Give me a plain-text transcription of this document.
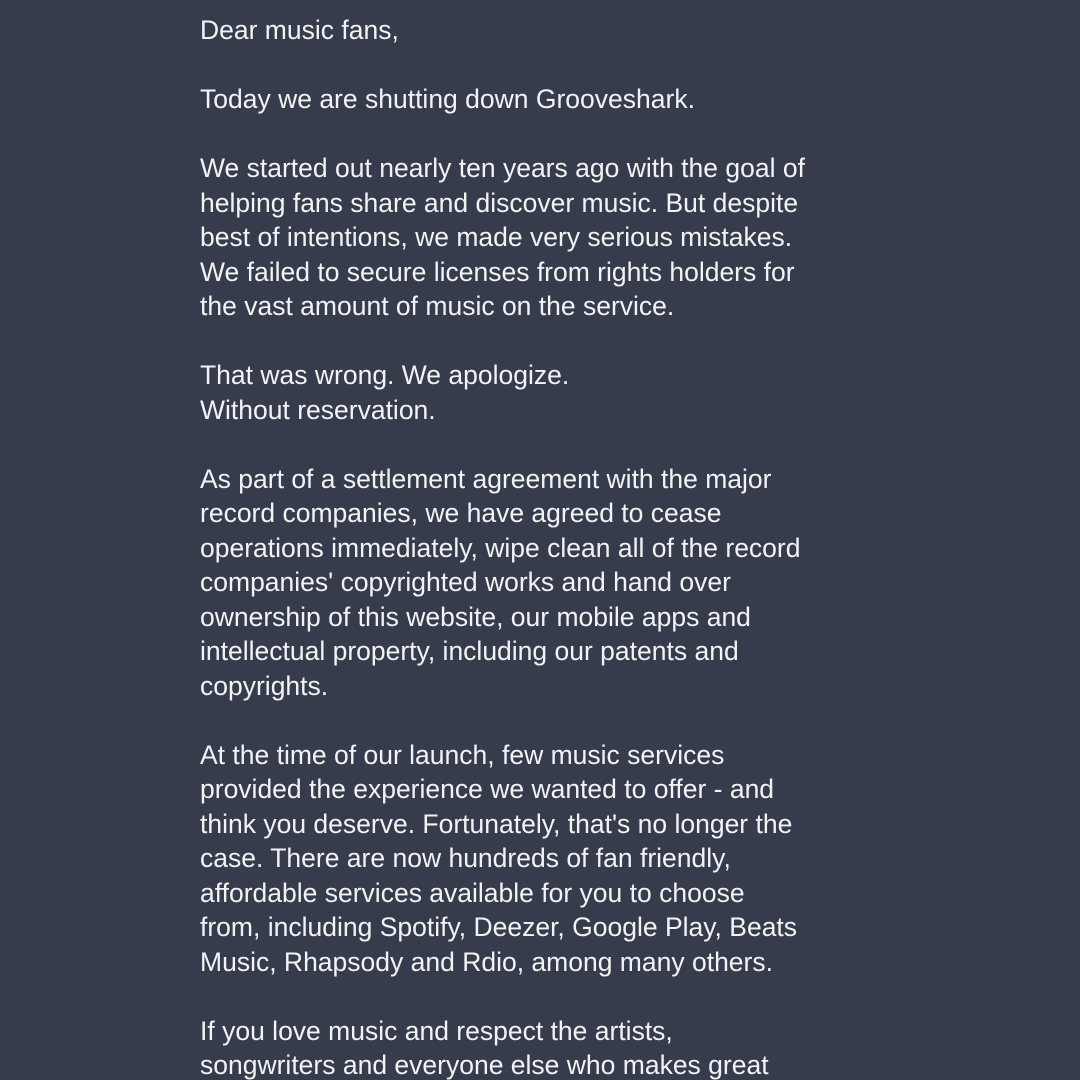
Dear music fans,
Today we are shutting down Grooveshark.
We started out nearly ten years ago with the goal of
helping fans share and discover music. But despite
best of intentions, we made very serious mistakes.
We failed to secure licenses from rights holders for
the vast amount of music on the service.
That was wrong. We apologize.
Without reservation.
As part of a settlement agreement with the major
record companies, we have agreed to cease
operations immediately, wipe clean all of the record
companies' copyrighted works and hand over
ownership of this website, our mobile apps and
intellectual property, including our patents and
copyrights.
At the time of our launch, few music services
provided the experience we wanted to offer - and
think you deserve. Fortunately, that's no longer the
case. There are now hundreds of fan friendly,
affordable services available for you to choose
from, including Spotify, Deezer, Google Play, Beats
Music, Rhapsody and Rdio, among many others.
If you love music and respect the artists,
songwriters and everyone else who makes great
